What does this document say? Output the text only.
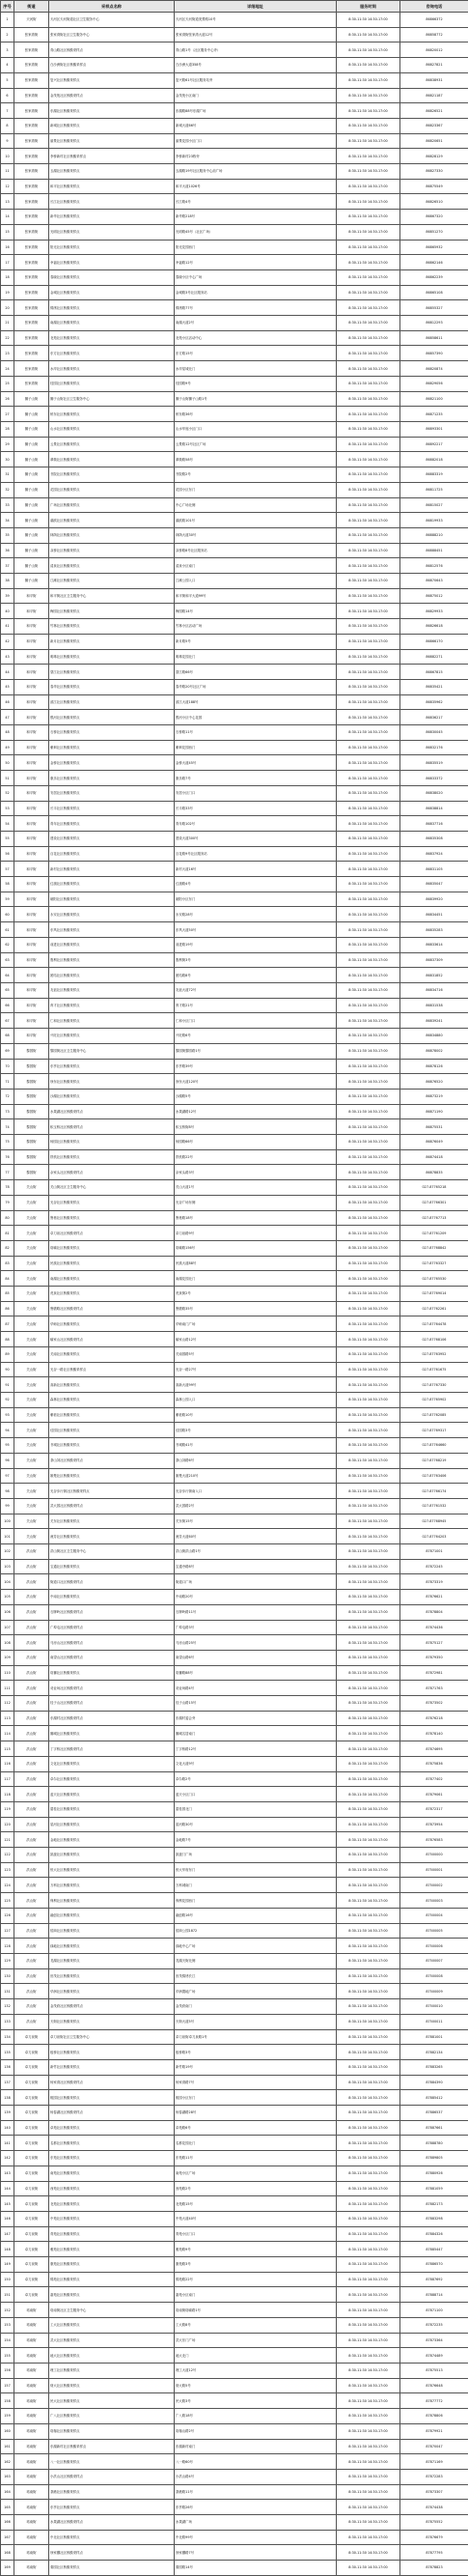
序号	街道	采样点名称	详细地址	服务时间	咨询电话
1	天河街	天河区天河街道社区卫生服务中心	天河区天河街道美景路10号	8:30-11:30 14:30-17:00	86866372
2	张家湾街	张家湾街社区卫生服务中心	张家湾街张家湾大道12号	8:30-11:30 14:30-17:00	86858772
3	张家湾街	青山路社区核酸采样点	青山路1号（社区服务中心旁）	8:30-11:30 14:30-17:00	86820012
4	张家湾街	白沙洲街社区核酸采样点	白沙洲大道358号	8:30-11:30 14:30-17:00	86827821
5	张家湾街	复兴社区核酸采样点	复兴路61号社区服务站旁	8:30-11:30 14:30-17:00	86838931
6	张家湾街	金茂苑社区核酸采样点	金茂苑小区南门	8:30-11:30 14:30-17:00	86821187
7	张家湾街	东湖社区核酸采样点	东湖路88号东湖广场	8:30-11:30 14:30-17:00	86826521
8	张家湾街	新城社区核酸采样点	新城大道66号	8:30-11:30 14:30-17:00	86823367
9	张家湾街	丽景社区核酸采样点	丽景花园小区门口	8:30-11:30 14:30-17:00	86820651
10	张家湾街	李桥新村社区核酸采样点	李桥新村23栋旁	8:30-11:30 14:30-17:00	86828129
11	张家湾街	玉湖社区核酸采样点	玉湖路19号社区服务中心前广场	8:30-11:30 14:30-17:00	86827330
12	张家湾街	和平社区核酸采样点	和平大道1026号	8:30-11:30 14:30-17:00	86875549
13	张家湾街	长江社区核酸采样点	长江路4号	8:30-11:30 14:30-17:00	86826510
14	张家湾街	新华社区核酸采样点	新华路218号	8:30-11:30 14:30-17:00	86867320
15	张家湾街	光明社区核酸采样点	光明路45号（社区广场）	8:30-11:30 14:30-17:00	86851270
16	张家湾街	阳光社区核酸采样点	阳光花园西门	8:30-11:30 14:30-17:00	86865932
17	张家湾街	幸福社区核酸采样点	幸福路12号	8:30-11:30 14:30-17:00	86862146
18	张家湾街	春晓社区核酸采样点	春晓小区中心广场	8:30-11:30 14:30-17:00	86862239
19	张家湾街	金城社区核酸采样点	金城路3号社区服务站	8:30-11:30 14:30-17:00	86865108
20	张家湾街	锦绣社区核酸采样点	锦绣路77号	8:30-11:30 14:30-17:00	86855327
21	张家湾街	南湖社区核酸采样点	南湖大道2号	8:30-11:30 14:30-17:00	86812293
22	张家湾街	北苑社区核酸采样点	北苑小区活动中心	8:30-11:30 14:30-17:00	86858611
23	张家湾街	东方社区核酸采样点	东方路15号	8:30-11:30 14:30-17:00	86857390
24	张家湾街	水岸社区核酸采样点	水岸星城北门	8:30-11:30 14:30-17:00	86820874
25	张家湾街	桂园社区核酸采样点	桂园路9号	8:30-11:30 14:30-17:00	86829056
26	狮子山街	狮子山街社区卫生服务中心	狮子山街狮子山路1号	8:30-11:30 14:30-17:00	86821100
27	狮子山街	桥东社区核酸采样点	桥东路36号	8:30-11:30 14:30-17:00	86871235
28	狮子山街	山水社区核酸采样点	山水华庭小区门口	8:30-11:30 14:30-17:00	86893301
29	狮子山街	云景社区核酸采样点	云景路12号社区广场	8:30-11:30 14:30-17:00	86892217
30	狮子山街	翠微社区核酸采样点	翠微路58号	8:30-11:30 14:30-17:00	86882018
31	狮子山街	书院社区核酸采样点	书院路2号	8:30-11:30 14:30-17:00	86883319
32	狮子山街	花园社区核酸采样点	花园小区东门	8:30-11:30 14:30-17:00	86811725
33	狮子山街	广场社区核酸采样点	中心广场北侧	8:30-11:30 14:30-17:00	86815027
34	狮子山街	湖滨社区核酸采样点	湖滨路101号	8:30-11:30 14:30-17:00	86819933
35	狮子山街	林荫社区核酸采样点	林荫大道30号	8:30-11:30 14:30-17:00	86888210
36	狮子山街	双桥社区核酸采样点	双桥路8号社区服务站	8:30-11:30 14:30-17:00	86888451
37	狮子山街	清泉社区核酸采样点	清泉小区南门	8:30-11:30 14:30-17:00	86812576
38	狮子山街	江滩社区核酸采样点	江滩公园入口	8:30-11:30 14:30-17:00	86870643
39	和平街	和平街社区卫生服务中心	和平街和平大道99号	8:30-11:30 14:30-17:00	86875012
40	和平街	梅园社区核酸采样点	梅园路14号	8:30-11:30 14:30-17:00	86829933
41	和平街	竹林社区核酸采样点	竹林小区活动广场	8:30-11:30 14:30-17:00	86826618
42	和平街	新月社区核酸采样点	新月路5号	8:30-11:30 14:30-17:00	86866170
43	和平街	明珠社区核酸采样点	明珠花园北门	8:30-11:30 14:30-17:00	86882271
44	和平街	望江社区核酸采样点	望江路66号	8:30-11:30 14:30-17:00	86867815
45	和平街	春华社区核酸采样点	春华路20号社区广场	8:30-11:30 14:30-17:00	86835421
46	和平街	滨江社区核酸采样点	滨江大道188号	8:30-11:30 14:30-17:00	86835962
47	和平街	银河社区核酸采样点	银河小区中心花园	8:30-11:30 14:30-17:00	86836217
48	和平街	石桥社区核酸采样点	石桥路11号	8:30-11:30 14:30-17:00	86830045
49	和平街	紫荆社区核酸采样点	紫荆花园西门	8:30-11:30 14:30-17:00	86832176
50	和平街	金桥社区核酸采样点	金桥大道45号	8:30-11:30 14:30-17:00	86835519
51	和平街	康乐社区核酸采样点	康乐路7号	8:30-11:30 14:30-17:00	86833372
52	和平街	安居社区核酸采样点	安居小区门口	8:30-11:30 14:30-17:00	86838020
53	和平街	长丰社区核酸采样点	长丰路33号	8:30-11:30 14:30-17:00	86838814
54	和平街	青年社区核酸采样点	青年路102号	8:30-11:30 14:30-17:00	86837716
55	和平街	建设社区核酸采样点	建设大道300号	8:30-11:30 14:30-17:00	86835308
56	和平街	百花社区核酸采样点	百花路9号社区服务站	8:30-11:30 14:30-17:00	86837924
57	和平街	新村社区核酸采样点	新村大道16号	8:30-11:30 14:30-17:00	86831105
58	和平街	红旗社区核酸采样点	红旗路4号	8:30-11:30 14:30-17:00	86835047
59	和平街	朝阳社区核酸采样点	朝阳小区东门	8:30-11:30 14:30-17:00	86839920
60	和平街	永安社区核酸采样点	永安路28号	8:30-11:30 14:30-17:00	86834451
61	和平街	东风社区核酸采样点	东风大道50号	8:30-11:30 14:30-17:00	86835283
62	和平街	前进社区核酸采样点	前进路19号	8:30-11:30 14:30-17:00	86833614
63	和平街	胜利社区核酸采样点	胜利街3号	8:30-11:30 14:30-17:00	86837309
64	和平街	团结社区核酸采样点	团结路8号	8:30-11:30 14:30-17:00	86831852
65	和平街	友谊社区核酸采样点	友谊大道72号	8:30-11:30 14:30-17:00	86834716
66	和平街	育才社区核酸采样点	育才路21号	8:30-11:30 14:30-17:00	86831538
67	和平街	仁和社区核酸采样点	仁和小区门口	8:30-11:30 14:30-17:00	86839241
68	和平街	兴旺社区核酸采样点	兴旺路6号	8:30-11:30 14:30-17:00	86834880
69	黎园街	黎园街社区卫生服务中心	黎园街黎园路1号	8:30-11:30 14:30-17:00	86878002
70	黎园街	东亭社区核酸采样点	东亭路39号	8:30-11:30 14:30-17:00	86878126
71	黎园街	徐东社区核酸采样点	徐东大道120号	8:30-11:30 14:30-17:00	86876520
72	黎园街	沙湖社区核酸采样点	沙湖路5号	8:30-11:30 14:30-17:00	86873219
73	黎园街	水果湖社区核酸采样点	水果湖路12号	8:30-11:30 14:30-17:00	86871190
74	黎园街	积玉桥社区核酸采样点	积玉桥街8号	8:30-11:30 14:30-17:00	86875531
75	黎园街	杨园社区核酸采样点	杨园路66号	8:30-11:30 14:30-17:00	86876049
76	黎园街	铁机社区核酸采样点	铁机路22号	8:30-11:30 14:30-17:00	86874418
77	黎园街	余家头社区核酸采样点	余家头路3号	8:30-11:30 14:30-17:00	86878835
78	关山街	关山街社区卫生服务中心	关山大道1号	8:30-11:30 14:30-17:00	027-87765218
79	关山街	光谷社区核酸采样点	光谷广场东侧	8:30-11:30 14:30-17:00	027-87766301
80	关山街	鲁巷社区核酸采样点	鲁巷路18号	8:30-11:30 14:30-17:00	027-87767713
81	关山街	卓刀泉社区核酸采样点	卓刀泉路9号	8:30-11:30 14:30-17:00	027-87761209
82	关山街	珞喻社区核酸采样点	珞喻路156号	8:30-11:30 14:30-17:00	027-87768842
83	关山街	民族社区核酸采样点	民族大道88号	8:30-11:30 14:30-17:00	027-87763327
84	关山街	南湖社区核酸采样点	南湖花园北门	8:30-11:30 14:30-17:00	027-87765530
85	关山街	虎泉社区核酸采样点	虎泉街2号	8:30-11:30 14:30-17:00	027-87769014
86	关山街	鲁磨路社区核酸采样点	鲁磨路35号	8:30-11:30 14:30-17:00	027-87762261
87	关山街	华师社区核酸采样点	华师南门广场	8:30-11:30 14:30-17:00	027-87764478
88	关山街	喻家山社区核酸采样点	喻家山路12号	8:30-11:30 14:30-17:00	027-87768106
89	关山街	关南社区核酸采样点	关南园路5号	8:30-11:30 14:30-17:00	027-87763952
90	关山街	光谷一路社区核酸采样点	光谷一路27号	8:30-11:30 14:30-17:00	027-87761675
91	关山街	高新社区核酸采样点	高新大道99号	8:30-11:30 14:30-17:00	027-87767330
92	关山街	森林社区核酸采样点	森林公园入口	8:30-11:30 14:30-17:00	027-87765902
93	关山街	紫菘社区核酸采样点	紫菘路10号	8:30-11:30 14:30-17:00	027-87762085
94	关山街	佳园社区核酸采样点	佳园路3号	8:30-11:30 14:30-17:00	027-87769317
95	关山街	书城社区核酸采样点	书城路41号	8:30-11:30 14:30-17:00	027-87764660
96	关山街	茶山刘社区核酸采样点	茶山刘路6号	8:30-11:30 14:30-17:00	027-87768219
97	关山街	雄楚社区核酸采样点	雄楚大道210号	8:30-11:30 14:30-17:00	027-87763406
98	关山街	光谷步行街社区核酸采样点	光谷步行街南入口	8:30-11:30 14:30-17:00	027-87766174
99	关山街	武大园社区核酸采样点	武大园路2号	8:30-11:30 14:30-17:00	027-87761532
100	关山街	关东社区核酸采样点	关东街15号	8:30-11:30 14:30-17:00	027-87768945
101	关山街	流芳社区核酸采样点	流芳大道60号	8:30-11:30 14:30-17:00	027-87764203
102	洪山街	洪山街社区卫生服务中心	洪山街洪山路1号	8:30-11:30 14:30-17:00	87871001
103	洪山街	宝通社区核酸采样点	宝通寺路8号	8:30-11:30 14:30-17:00	87872245
104	洪山街	街道口社区核酸采样点	街道口广场	8:30-11:30 14:30-17:00	87873319
105	洪山街	中南社区核酸采样点	中南路20号	8:30-11:30 14:30-17:00	87876621
106	洪山街	石牌岭社区核酸采样点	石牌岭路11号	8:30-11:30 14:30-17:00	87878804
107	洪山街	广埠屯社区核酸采样点	广埠屯路3号	8:30-11:30 14:30-17:00	87874436
108	洪山街	马房山社区核酸采样点	马房山路25号	8:30-11:30 14:30-17:00	87875127
109	洪山街	南望山社区核酸采样点	南望山路6号	8:30-11:30 14:30-17:00	87879350
110	洪山街	珞狮社区核酸采样点	珞狮路88号	8:30-11:30 14:30-17:00	87872981
111	洪山街	劝业场社区核酸采样点	劝业场路4号	8:30-11:30 14:30-17:00	87871763
112	洪山街	桂子山社区核酸采样点	桂子山路15号	8:30-11:30 14:30-17:00	87873502
113	洪山街	东湖村社区核酸采样点	东湖村委会旁	8:30-11:30 14:30-17:00	87876218
114	洪山街	狮城社区核酸采样点	狮城名居南门	8:30-11:30 14:30-17:00	87878140
115	洪山街	丁字桥社区核酸采样点	丁字桥路12号	8:30-11:30 14:30-17:00	87874695
116	洪山街	文化社区核酸采样点	文化大道9号	8:30-11:30 14:30-17:00	87875836
117	洪山街	卓尔社区核酸采样点	卓尔路2号	8:30-11:30 14:30-17:00	87877402
118	洪山街	蓝天社区核酸采样点	蓝天小区门口	8:30-11:30 14:30-17:00	87879061
119	洪山街	碧桂社区核酸采样点	碧桂园北门	8:30-11:30 14:30-17:00	87872317
120	洪山街	星河社区核酸采样点	星河路30号	8:30-11:30 14:30-17:00	87873954
121	洪山街	金地社区核酸采样点	金地路7号	8:30-11:30 14:30-17:00	87876583
122	洪山街	凯旋社区核酸采样点	凯旋门广场	8:30-11:30 14:30-17:00	87500000
123	洪山街	恒大社区核酸采样点	恒大华府东门	8:30-11:30 14:30-17:00	87500001
124	洪山街	万科社区核酸采样点	万科城南门	8:30-11:30 14:30-17:00	87500002
125	洪山街	保利社区核酸采样点	保利花园西门	8:30-11:30 14:30-17:00	87500003
126	洪山街	融创社区核酸采样点	融创路16号	8:30-11:30 14:30-17:00	87500004
127	洪山街	招商社区核酸采样点	招商公园1872	8:30-11:30 14:30-17:00	87500005
128	洪山街	绿地社区核酸采样点	绿地中心广场	8:30-11:30 14:30-17:00	87500006
129	洪山街	龙湖社区核酸采样点	龙湖天街北侧	8:30-11:30 14:30-17:00	87500007
130	洪山街	世茂社区核酸采样点	世茂锦绣长江	8:30-11:30 14:30-17:00	87500008
131	洪山街	华润社区核酸采样点	华润置地广场	8:30-11:30 14:30-17:00	87500009
132	洪山街	金茂府社区核酸采样点	金茂府南门	8:30-11:30 14:30-17:00	87500010
133	洪山街	天街社区核酸采样点	天街大道5号	8:30-11:30 14:30-17:00	87500011
134	卓刀泉街	卓刀泉街社区卫生服务中心	卓刀泉街卓刀泉路1号	8:30-11:30 14:30-17:00	87881001
135	卓刀泉街	板桥社区核酸采样点	板桥路3号	8:30-11:30 14:30-17:00	87882134
136	卓刀泉街	新竹社区核酸采样点	新竹路19号	8:30-11:30 14:30-17:00	87883265
137	卓刀泉街	杨家湾社区核酸采样点	杨家湾路7号	8:30-11:30 14:30-17:00	87884390
138	卓刀泉街	桃园社区核酸采样点	桃园小区东门	8:30-11:30 14:30-17:00	87885412
139	卓刀泉街	杨春湖社区核酸采样点	杨春湖路28号	8:30-11:30 14:30-17:00	87886537
140	卓刀泉街	卓苑社区核酸采样点	卓苑路6号	8:30-11:30 14:30-17:00	87887661
141	卓刀泉街	名都社区核酸采样点	名都花园北门	8:30-11:30 14:30-17:00	87888780
142	卓刀泉街	东苑社区核酸采样点	东苑路11号	8:30-11:30 14:30-17:00	87889805
143	卓刀泉街	南苑社区核酸采样点	南苑小区广场	8:30-11:30 14:30-17:00	87880926
144	卓刀泉街	西苑社区核酸采样点	西苑路2号	8:30-11:30 14:30-17:00	87881059
145	卓刀泉街	北苑社区核酸采样点	北苑路15号	8:30-11:30 14:30-17:00	87882173
146	卓刀泉街	中苑社区核酸采样点	中苑大道40号	8:30-11:30 14:30-17:00	87883298
147	卓刀泉街	青苑社区核酸采样点	青苑小区门口	8:30-11:30 14:30-17:00	87884326
148	卓刀泉街	雅苑社区核酸采样点	雅苑路9号	8:30-11:30 14:30-17:00	87885447
149	卓刀泉街	康苑社区核酸采样点	康苑路3号	8:30-11:30 14:30-17:00	87886570
150	卓刀泉街	锦苑社区核酸采样点	锦苑路22号	8:30-11:30 14:30-17:00	87887692
151	卓刀泉街	嘉苑社区核酸采样点	嘉苑小区南门	8:30-11:30 14:30-17:00	87888714
152	珞南街	珞南街社区卫生服务中心	珞南街珞喻路1号	8:30-11:30 14:30-17:00	87871100
153	珞南街	工大社区核酸采样点	工大路8号	8:30-11:30 14:30-17:00	87872235
154	珞南街	武大社区核酸采样点	武大东门广场	8:30-11:30 14:30-17:00	87873364
155	珞南街	地大社区核酸采样点	地大北门	8:30-11:30 14:30-17:00	87874489
156	珞南街	理工社区核酸采样点	理工大道12号	8:30-11:30 14:30-17:00	87875513
157	珞南街	财大社区核酸采样点	财大路5号	8:30-11:30 14:30-17:00	87876648
158	珞南街	民大社区核酸采样点	民大路3号	8:30-11:30 14:30-17:00	87877772
159	珞南街	广八社区核酸采样点	广八路18号	8:30-11:30 14:30-17:00	87878806
160	珞南街	珞珈社区核酸采样点	珞珈山路2号	8:30-11:30 14:30-17:00	87879921
161	珞南街	东湖新村社区核酸采样点	东湖新村南门	8:30-11:30 14:30-17:00	87870047
162	珞南街	八一社区核酸采样点	八一路60号	8:30-11:30 14:30-17:00	87871169
163	珞南街	小洪山社区核酸采样点	小洪山路4号	8:30-11:30 14:30-17:00	87872283
164	珞南街	茶港社区核酸采样点	茶港路11号	8:30-11:30 14:30-17:00	87873307
165	珞南街	东亭社区核酸采样点	东亭路26号	8:30-11:30 14:30-17:00	87874438
166	珞南街	水果湖社区核酸采样点	水果湖广场	8:30-11:30 14:30-17:00	87875552
167	珞南街	中北社区核酸采样点	中北路99号	8:30-11:30 14:30-17:00	87876679
168	珞南街	徐家棚社区核酸采样点	徐家棚路7号	8:30-11:30 14:30-17:00	87877795
169	珞南街	秦园社区核酸采样点	秦园路14号	8:30-11:30 14:30-17:00	87878823
